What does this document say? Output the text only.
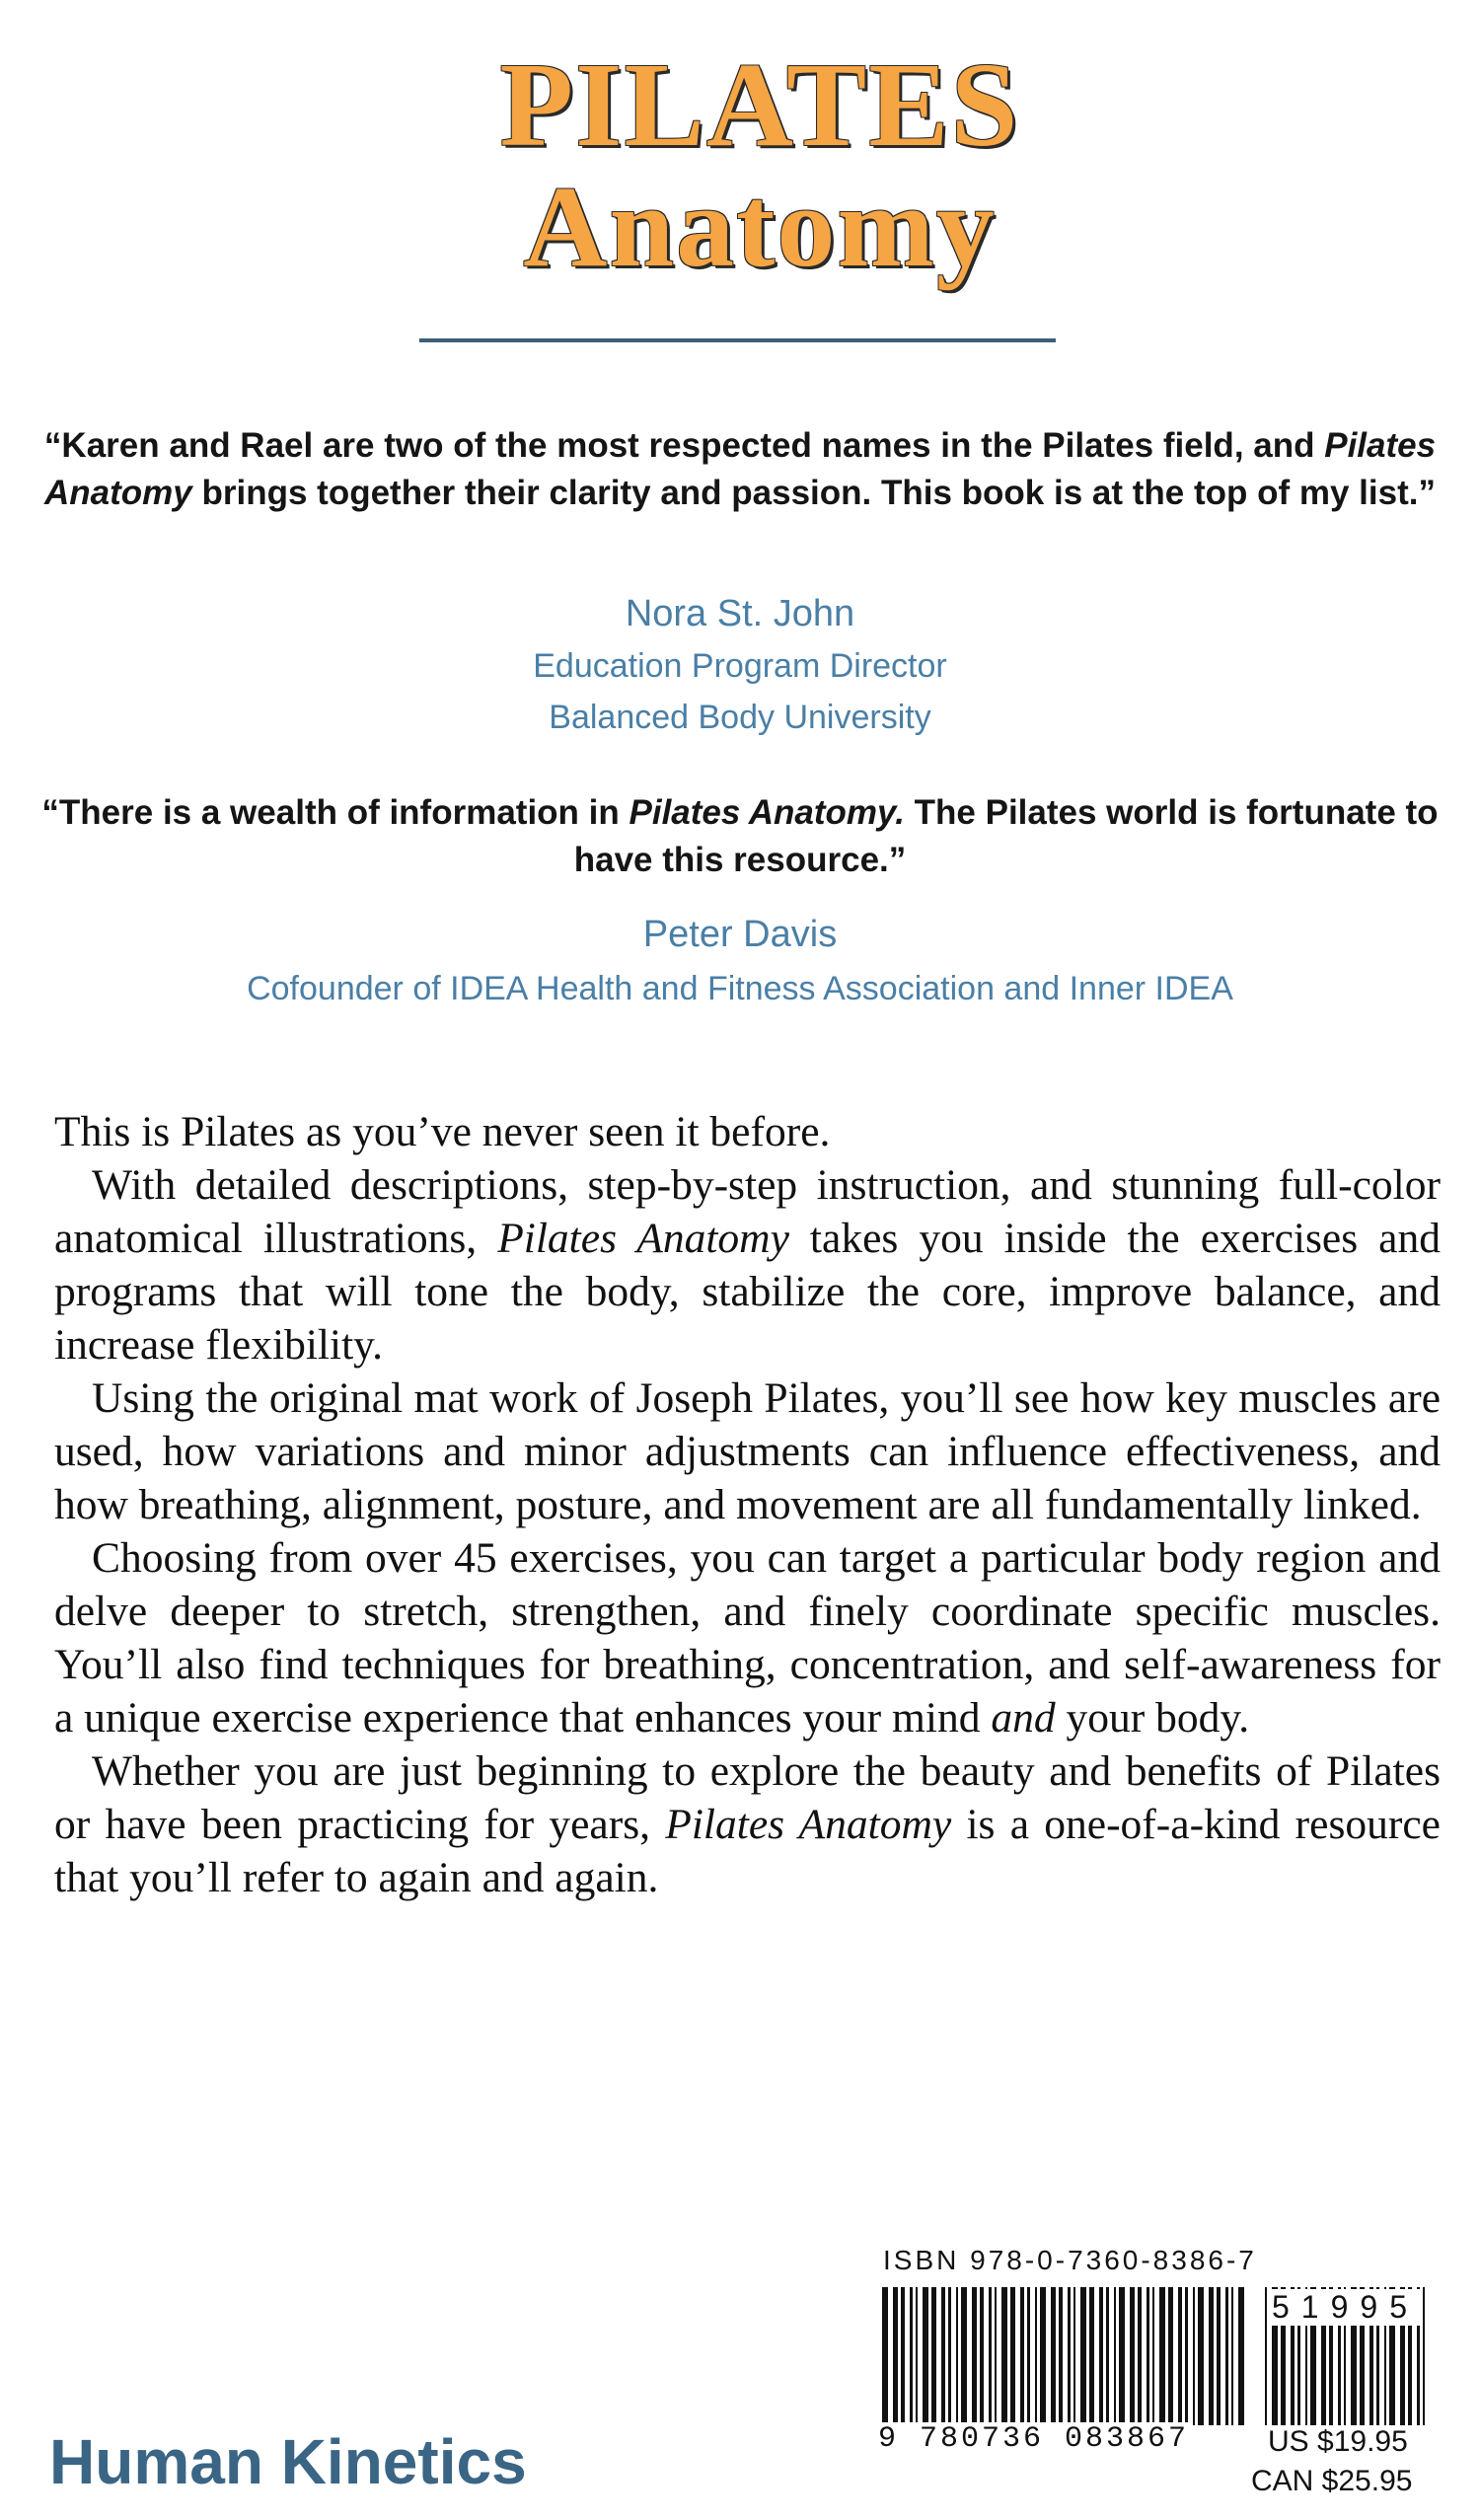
PILATES
Anatomy
“Karen and Rael are two of the most respected names in the Pilates field, and Pilates Anatomy brings together their clarity and passion. This book is at the top of my list.”
Nora St. John
Education Program Director
Balanced Body University
“There is a wealth of information in Pilates Anatomy. The Pilates world is fortunate to have this resource.”
Peter Davis
Cofounder of IDEA Health and Fitness Association and Inner IDEA

This is Pilates as you’ve never seen it before.

With detailed descriptions, step-by-step instruction, and stunning full-color anatomical illustrations, Pilates Anatomy takes you inside the exercises and programs that will tone the body, stabilize the core, improve balance, and increase flexibility.

Using the original mat work of Joseph Pilates, you’ll see how key muscles are used, how variations and minor adjustments can influence effectiveness, and how breathing, alignment, posture, and movement are all fundamentally linked.

Choosing from over 45 exercises, you can target a particular body region and delve deeper to stretch, strengthen, and finely coordinate specific muscles. You’ll also find techniques for breathing, concentration, and self-awareness for a unique exercise experience that enhances your mind and your body.

Whether you are just beginning to explore the beauty and benefits of Pilates or have been practicing for years, Pilates Anatomy is a one-of-a-kind resource that you’ll refer to again and again.

ISBN 978-0-7360-8386-7
51995
9 780736 083867	US $19.95
CAN $25.95
Human Kinetics
